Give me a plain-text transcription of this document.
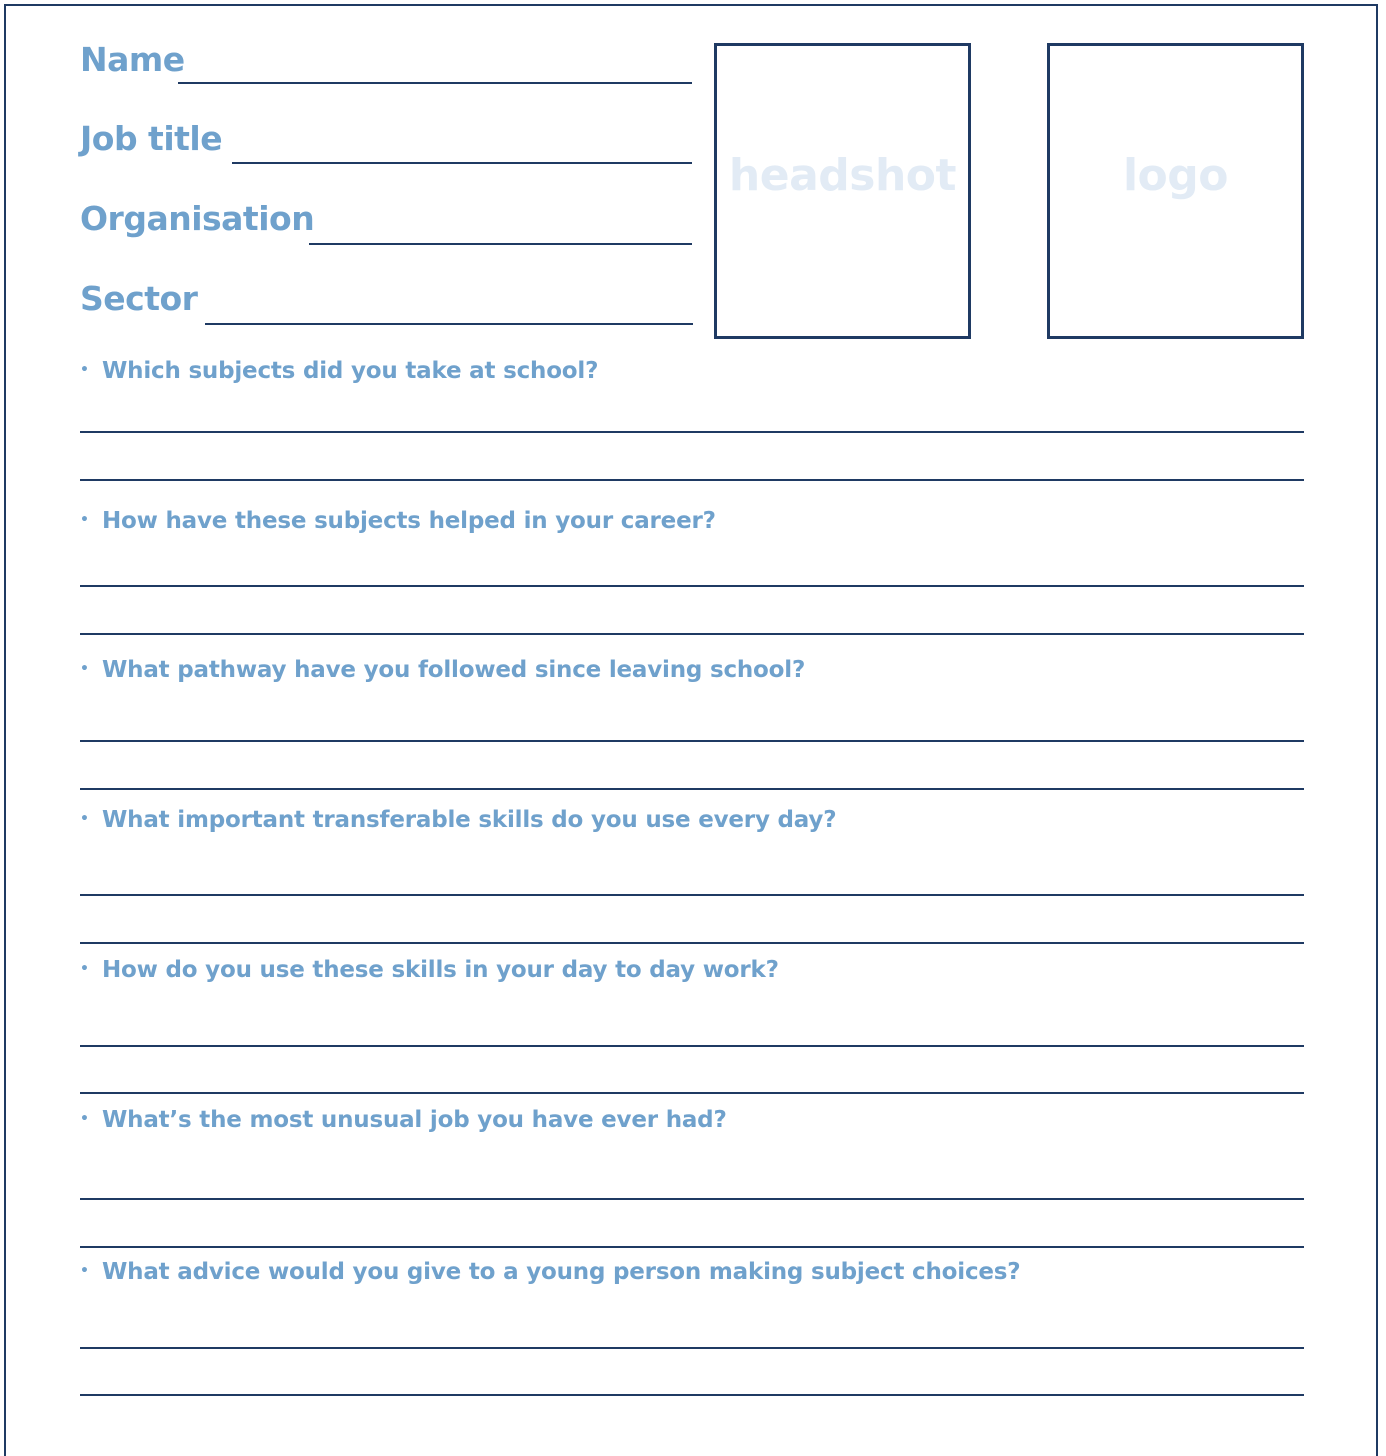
Name
Job title
Organisation
Sector
headshot	logo
• Which subjects did you take at school?
• How have these subjects helped in your career?
• What pathway have you followed since leaving school?
• What important transferable skills do you use every day?
• How do you use these skills in your day to day work?
• What’s the most unusual job you have ever had?
• What advice would you give to a young person making subject choices?
